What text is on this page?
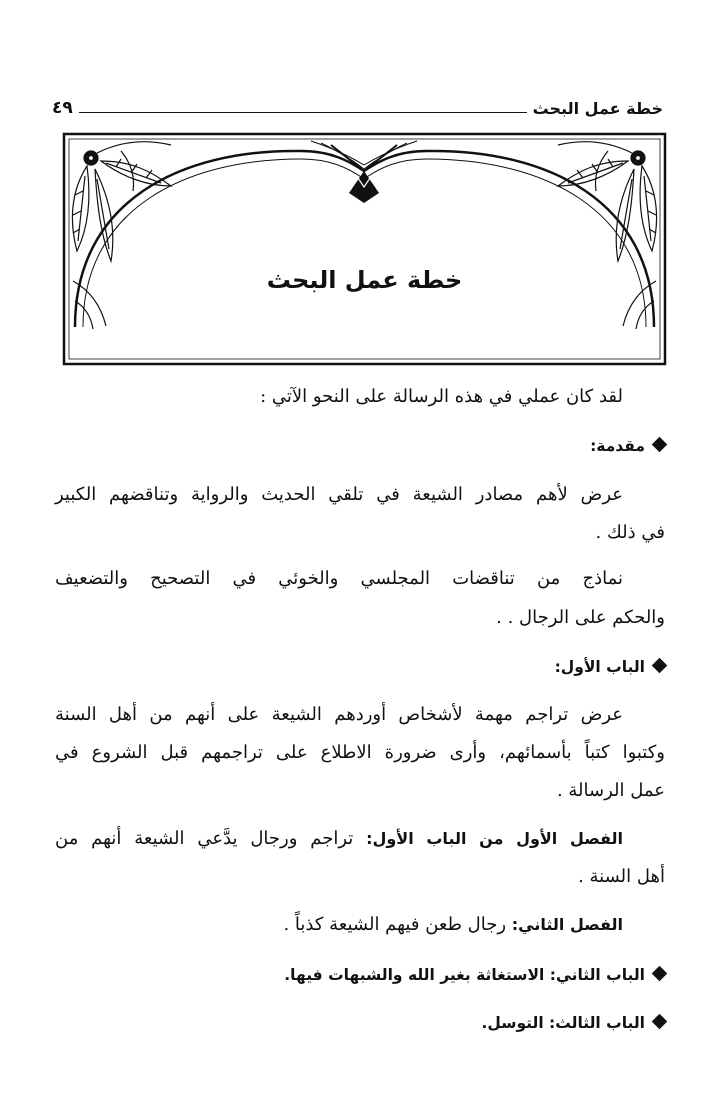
خطة عمل البحث
٤٩
خطة عمل البحث
لقد كان عملي في هذه الرسالة على النحو الآتي :
مقدمة:
عرض لأهم مصادر الشيعة في تلقي الحديث والرواية وتناقضهم الكبير
في ذلك .
نماذج من تناقضات المجلسي والخوئي في التصحيح والتضعيف
والحكم على الرجال . .
الباب الأول:
عرض تراجم مهمة لأشخاص أوردهم الشيعة على أنهم من أهل السنة
وكتبوا كتباً بأسمائهم، وأرى ضرورة الاطلاع على تراجمهم قبل الشروع في
عمل الرسالة .
الفصل الأول من الباب الأول: تراجم ورجال يدَّعي الشيعة أنهم من
أهل السنة .
الفصل الثاني: رجال طعن فيهم الشيعة كذباً .
الباب الثاني: الاستغاثة بغير الله والشبهات فيها.
الباب الثالث: التوسل.
